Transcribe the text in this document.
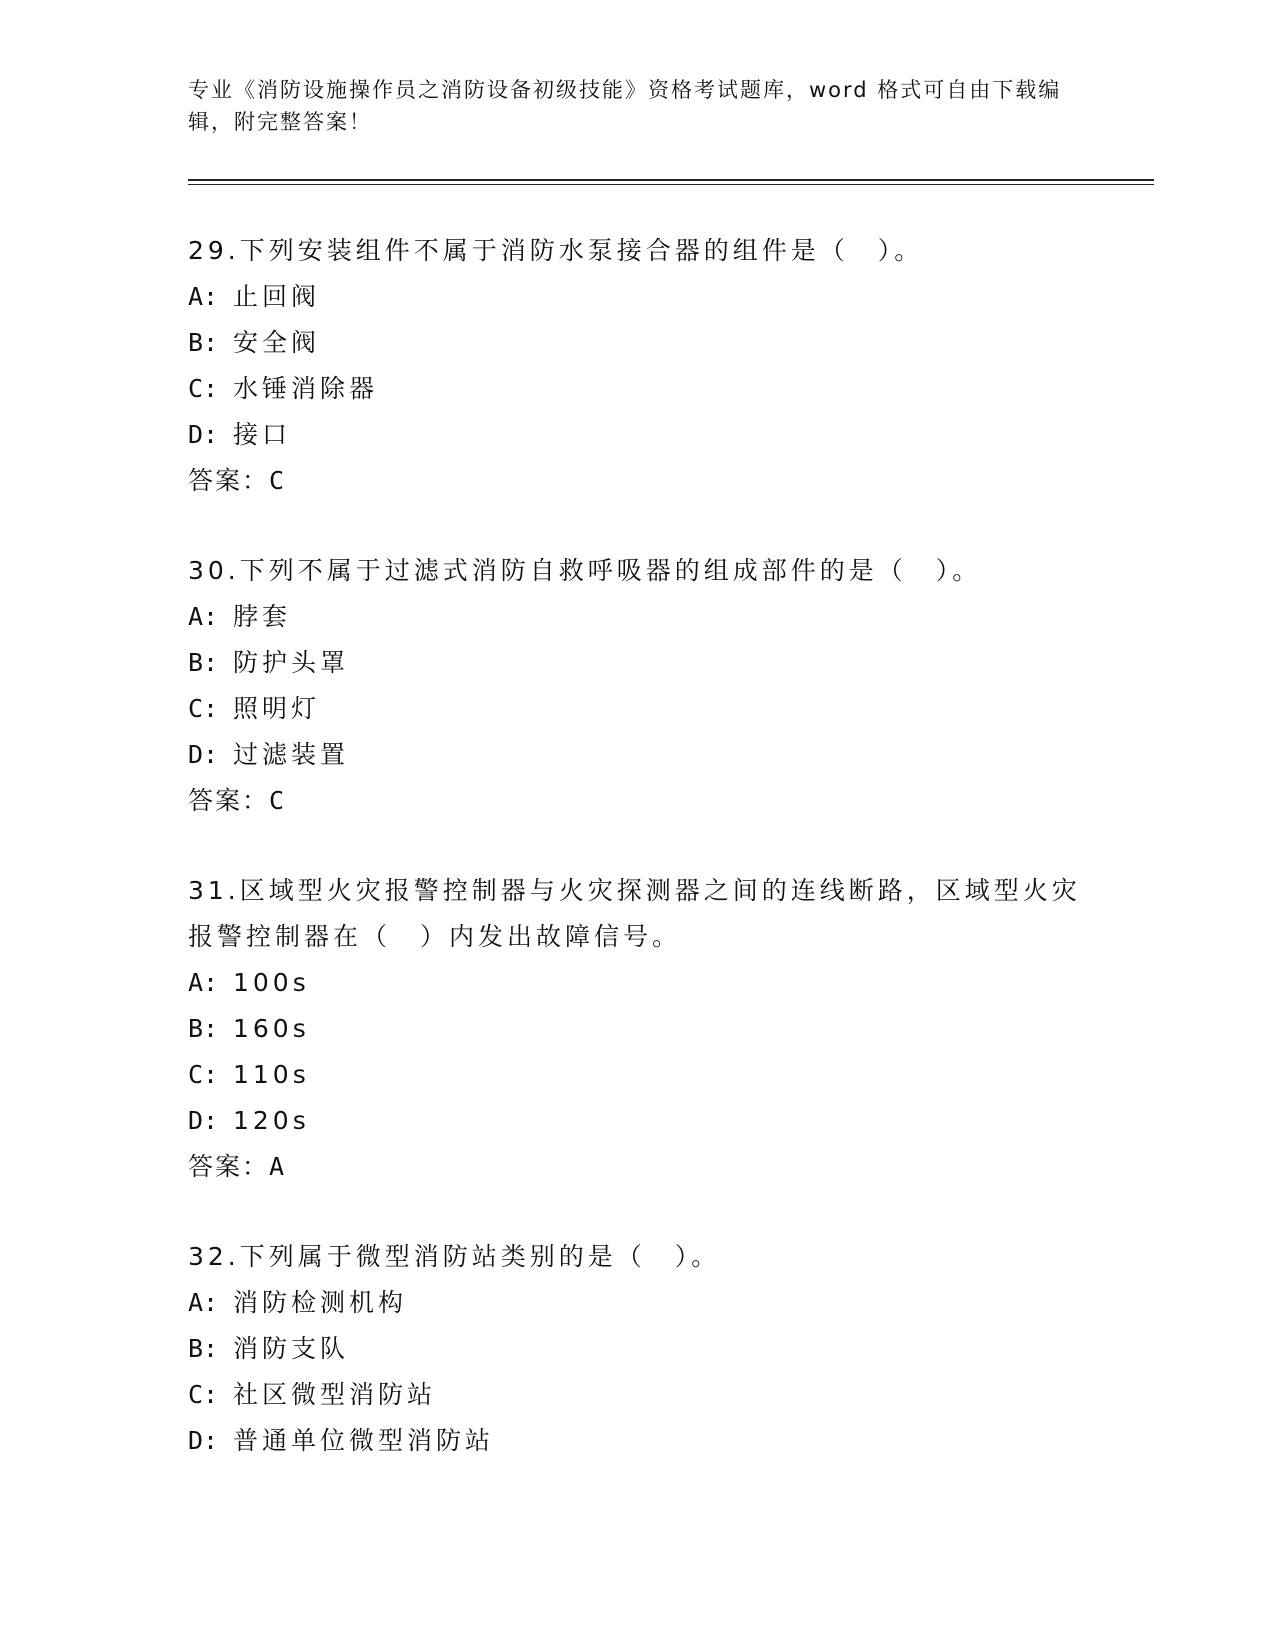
专业《消防设施操作员之消防设备初级技能》资格考试题库，word 格式可自由下载编辑，附完整答案！

29.下列安装组件不属于消防水泵接合器的组件是（　）。

A: 止回阀

B: 安全阀

C: 水锤消除器

D: 接口

答案：C

30.下列不属于过滤式消防自救呼吸器的组成部件的是（　）。

A: 脖套

B: 防护头罩

C: 照明灯

D: 过滤装置

答案：C

31.区域型火灾报警控制器与火灾探测器之间的连线断路，区域型火灾报警控制器在（　）内发出故障信号。

A: 100s

B: 160s

C: 110s

D: 120s

答案：A

32.下列属于微型消防站类别的是（　）。

A: 消防检测机构

B: 消防支队

C: 社区微型消防站

D: 普通单位微型消防站
